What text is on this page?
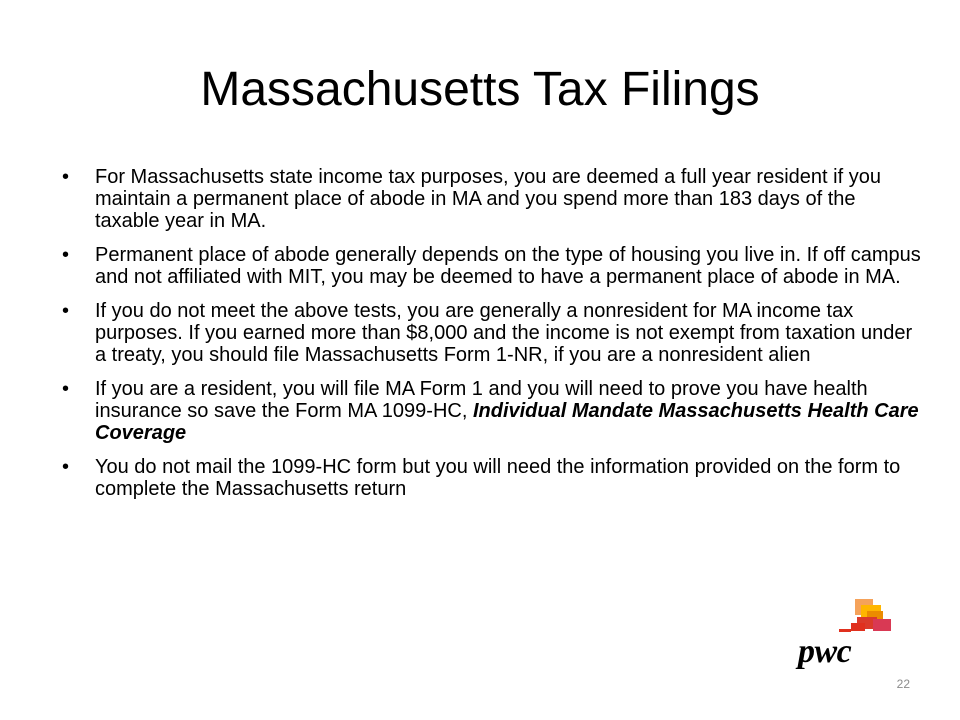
Massachusetts Tax Filings
• For Massachusetts state income tax purposes, you are deemed a full year resident if you maintain a permanent place of abode in MA and you spend more than 183 days of the taxable year in MA.
• Permanent place of abode generally depends on the type of housing you live in. If off campus and not affiliated with MIT, you may be deemed to have a permanent place of abode in MA.
• If you do not meet the above tests, you are generally a nonresident for MA income tax purposes. If you earned more than $8,000 and the income is not exempt from taxation under a treaty, you should file Massachusetts Form 1-NR, if you are a nonresident alien
• If you are a resident, you will file MA Form 1 and you will need to prove you have health insurance so save the Form MA 1099-HC, Individual Mandate Massachusetts Health Care Coverage
• You do not mail the 1099-HC form but you will need the information provided on the form to complete the Massachusetts return
pwc
22
